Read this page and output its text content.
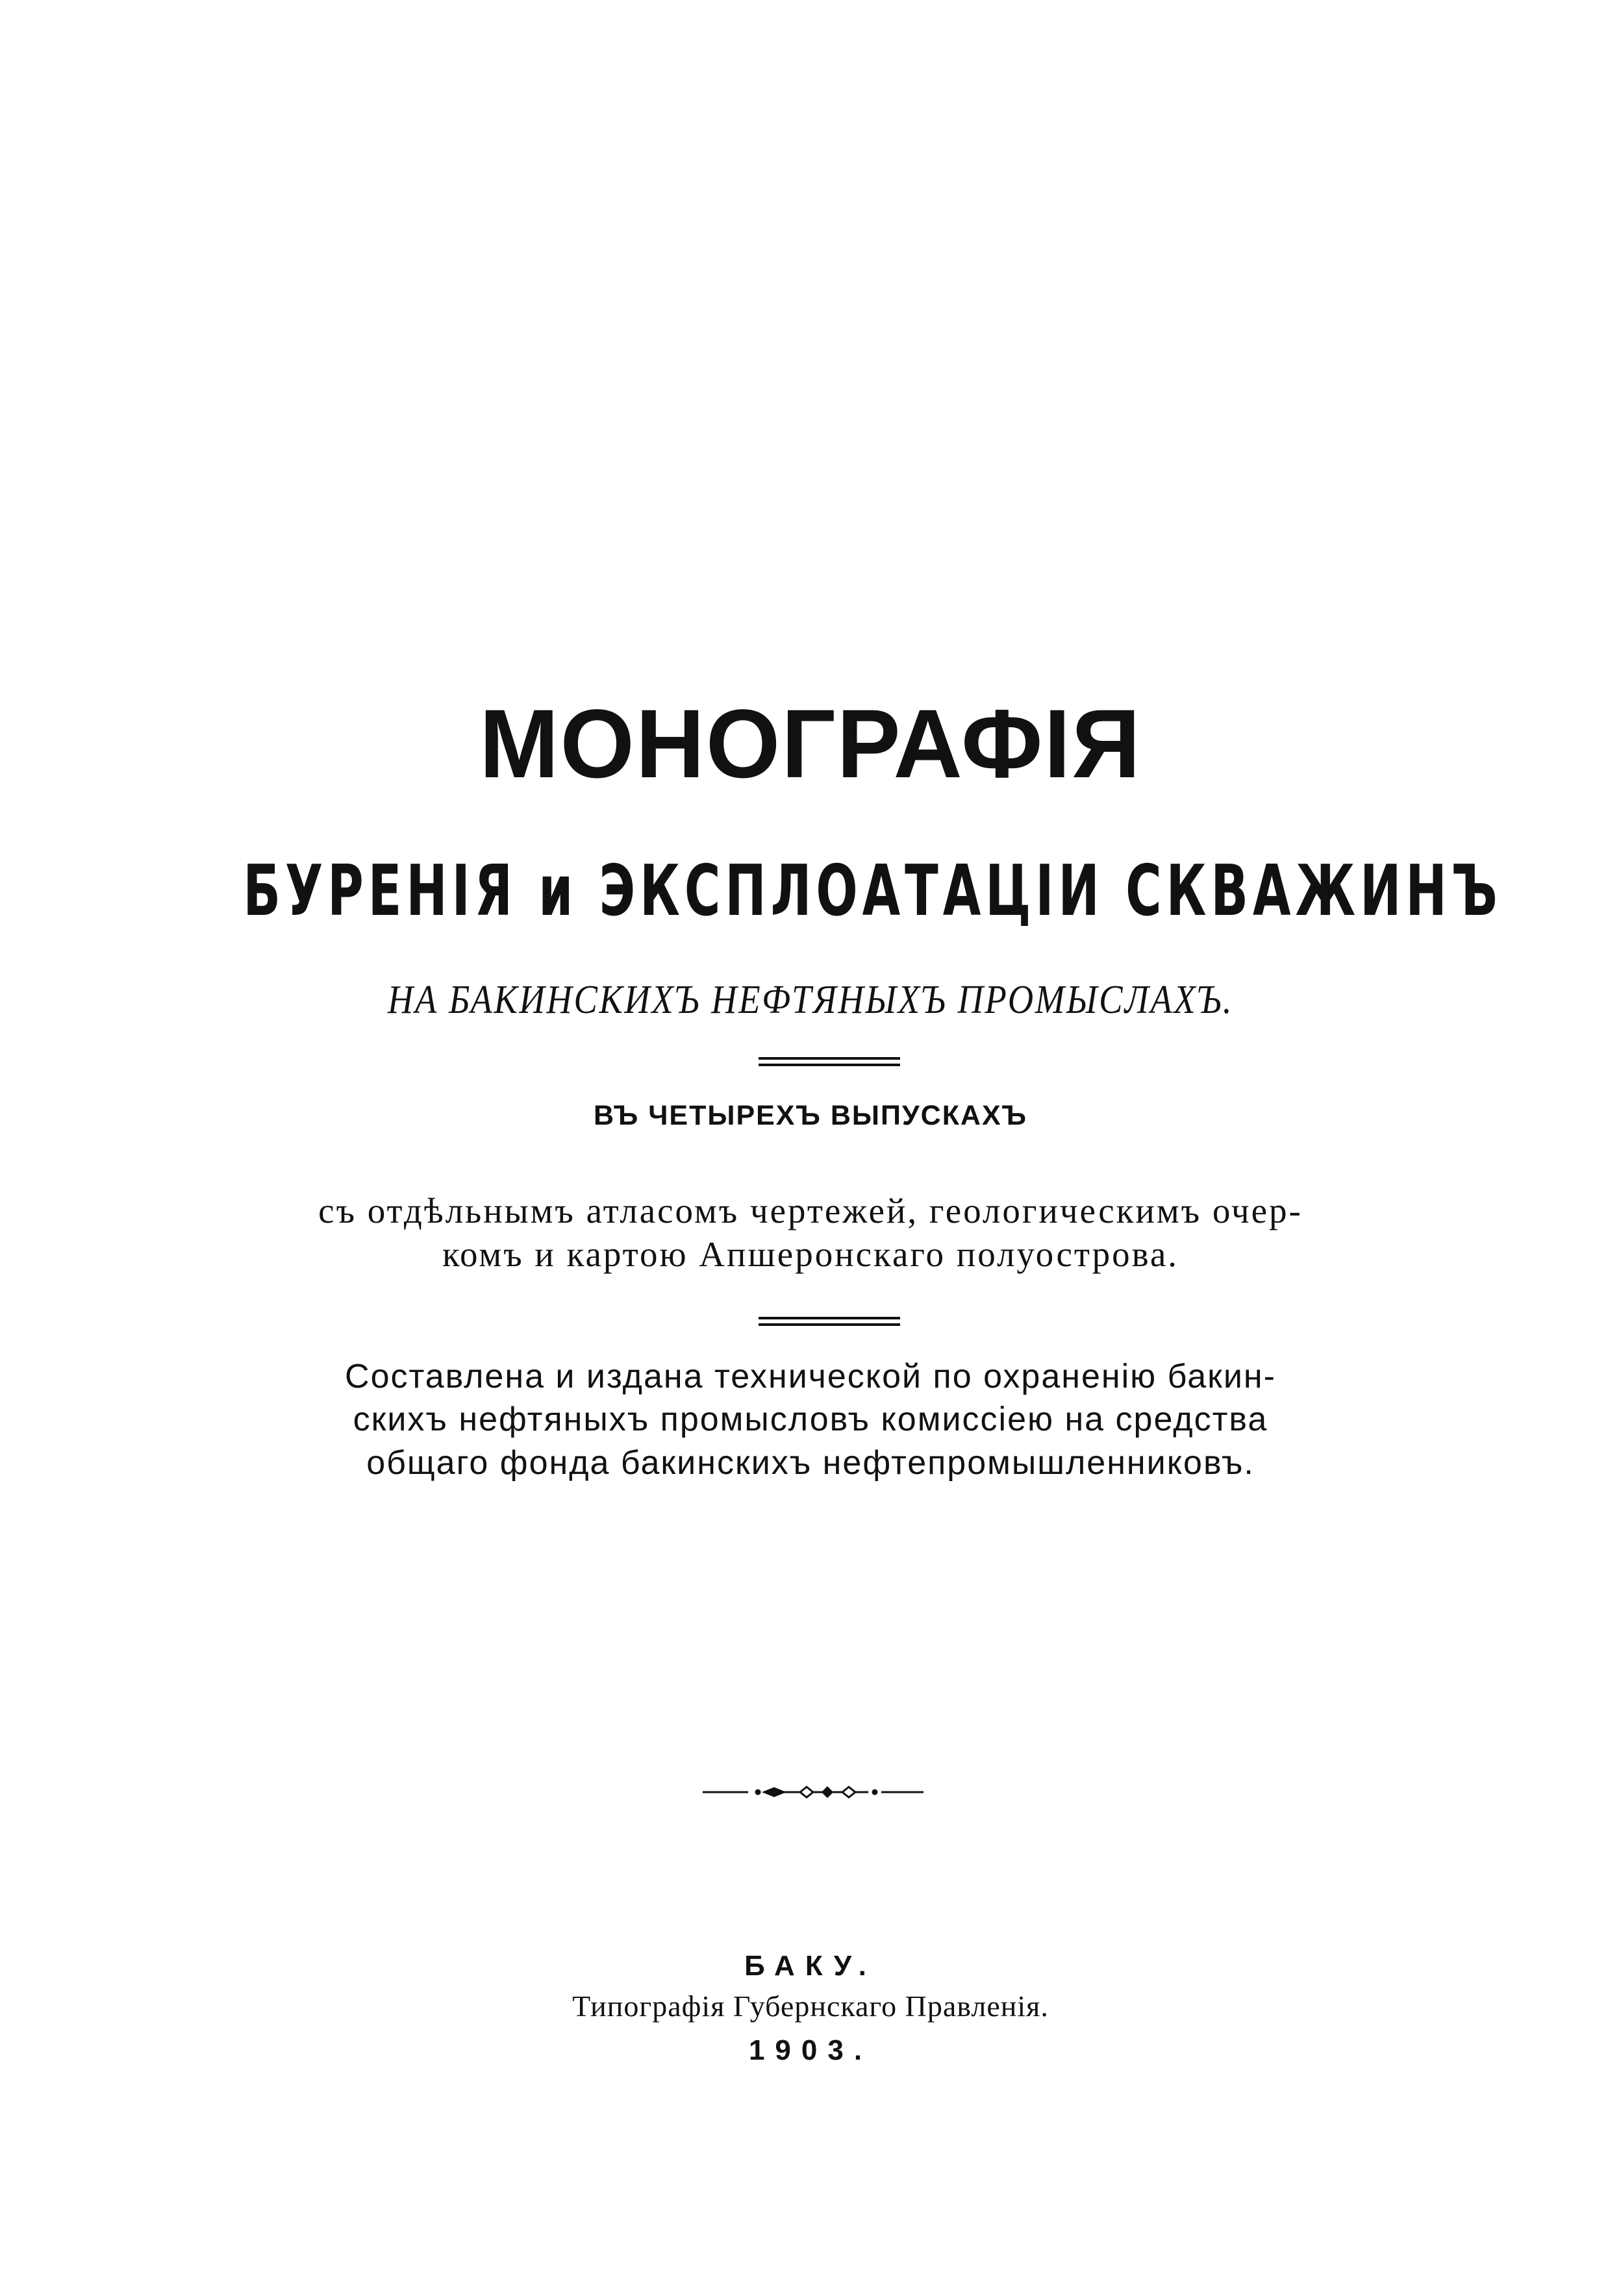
МОНОГРАФІЯ
БУРЕНІЯ и ЭКСПЛОАТАЦІИ СКВАЖИНЪ

НА БАКИНСКИХЪ НЕФТЯНЫХЪ ПРОМЫСЛАХЪ.

ВЪ ЧЕТЫРЕХЪ ВЫПУСКАХЪ

съ отдѣльнымъ атласомъ чертежей, геологическимъ очер-

комъ и картою Апшеронскаго полуострова.

Составлена и издана технической по охраненію бакин-

скихъ нефтяныхъ промысловъ комиссіею на средства

общаго фонда бакинскихъ нефтепромышленниковъ.

БАКУ.

Типографія Губернскаго Правленія.

1903.
